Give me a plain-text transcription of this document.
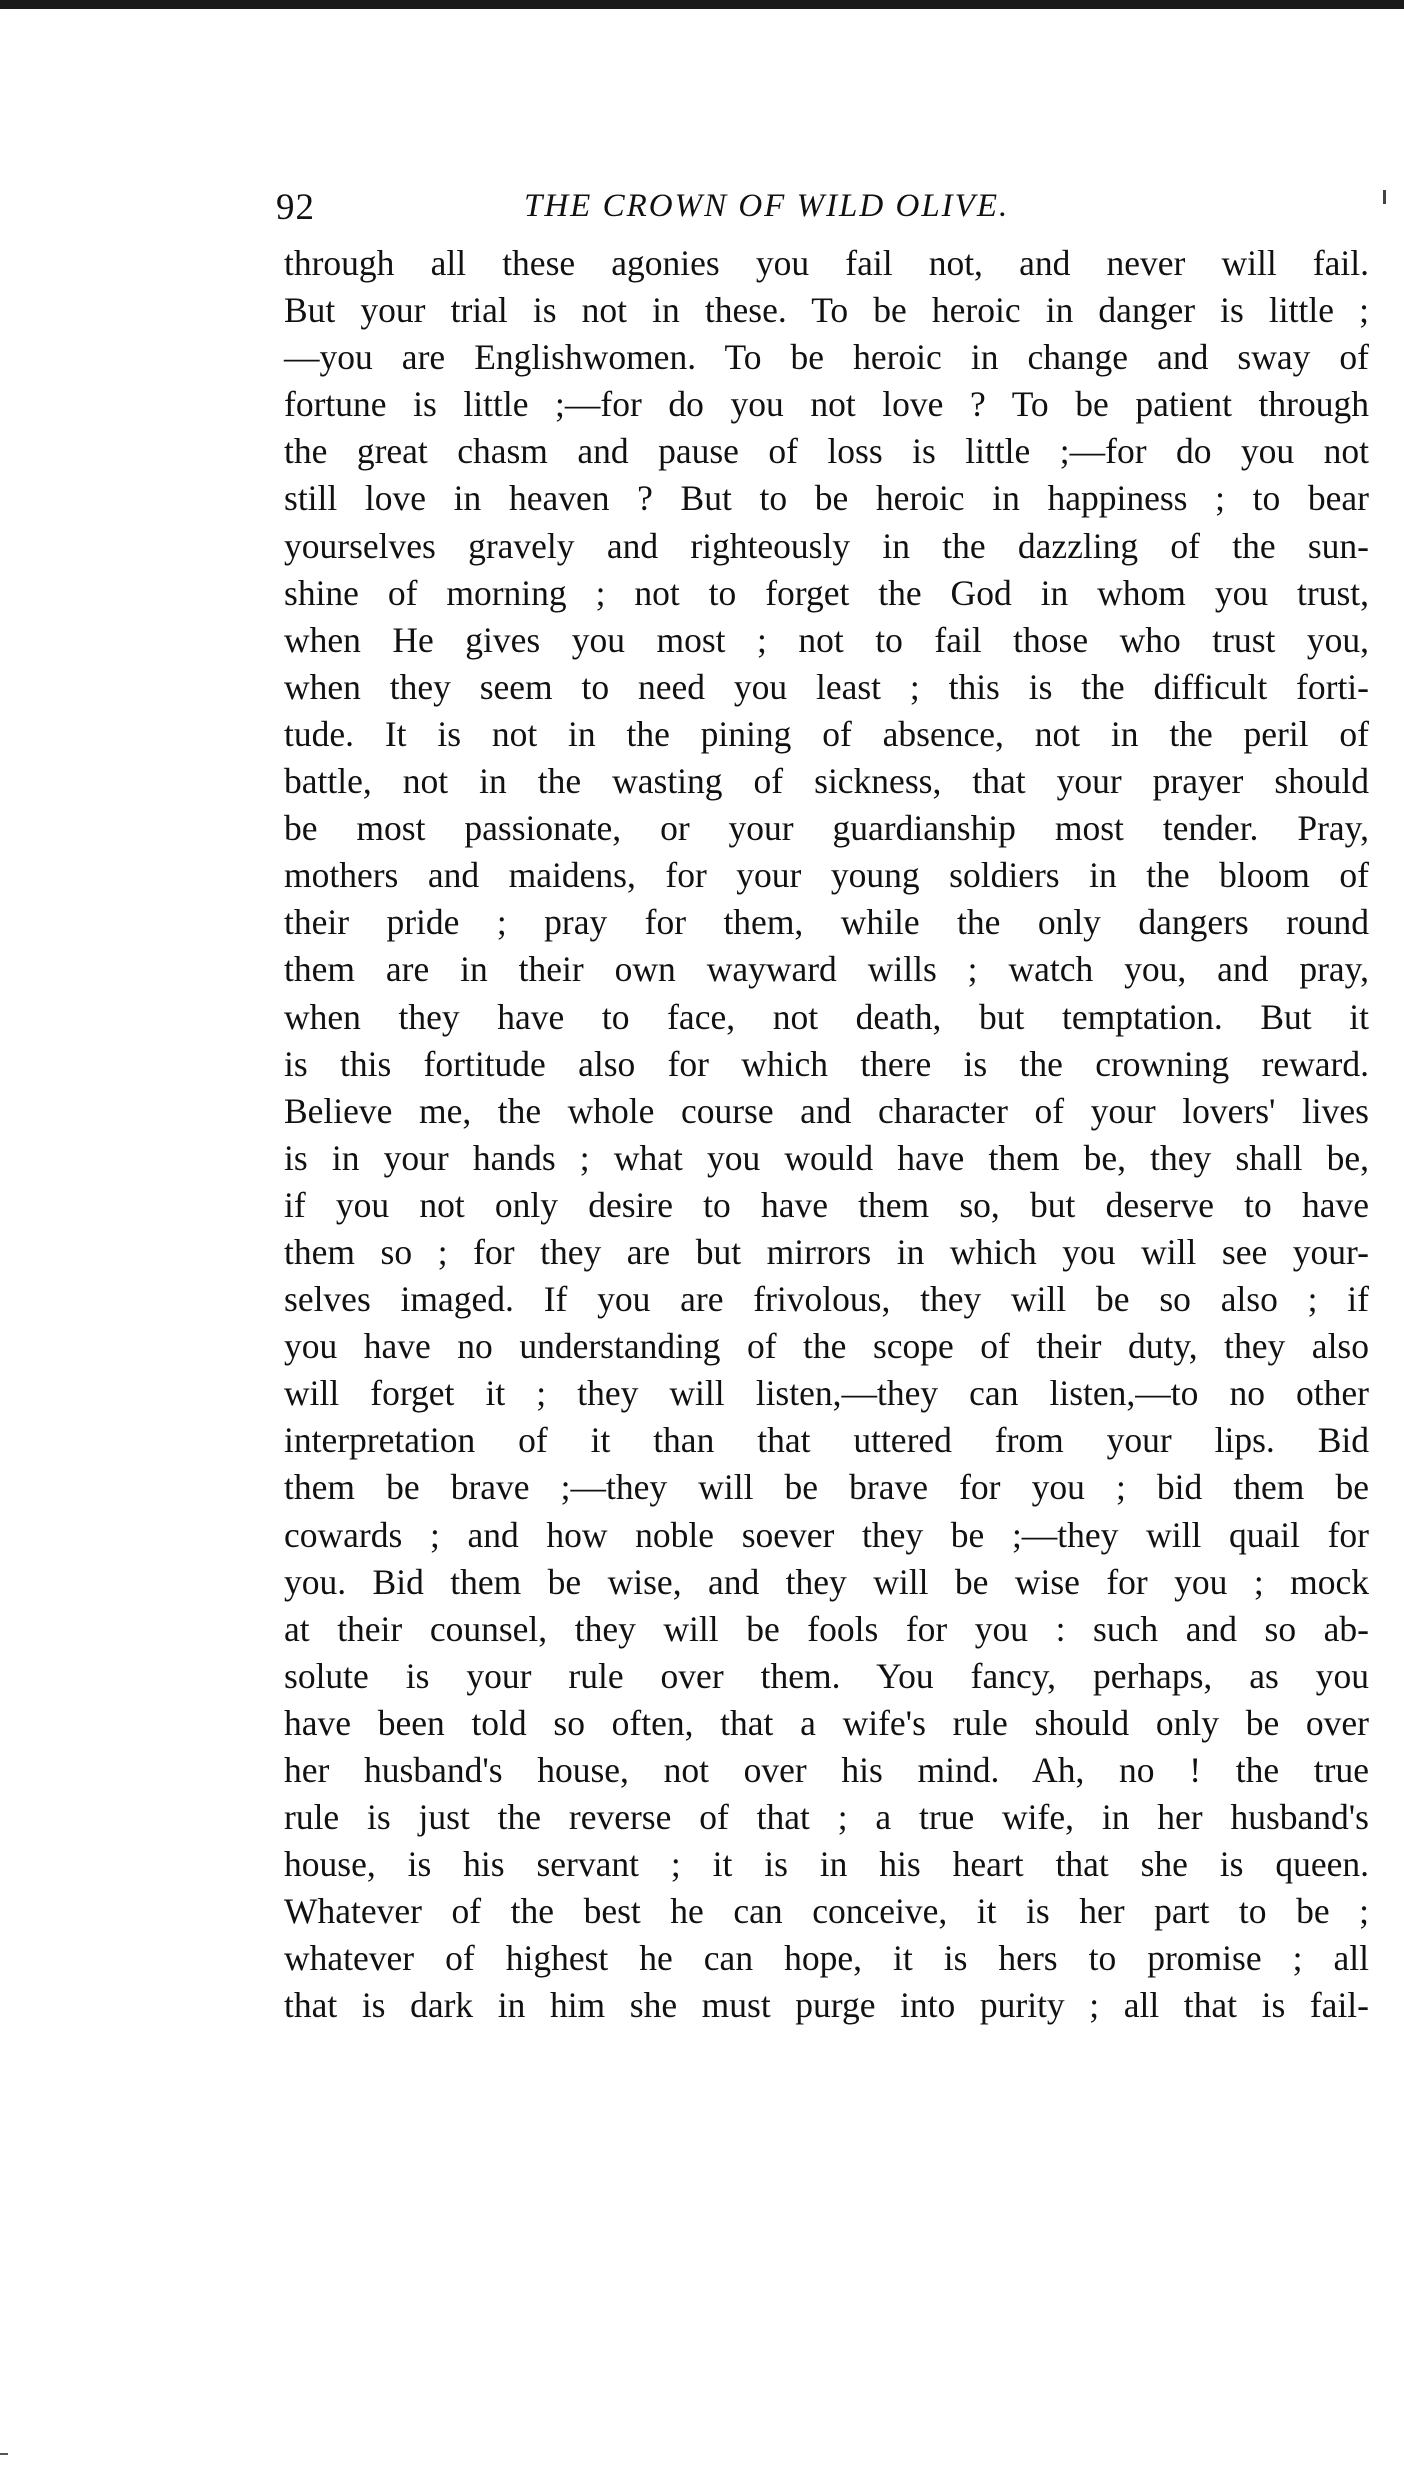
92	THE CROWN OF WILD OLIVE.
through all these agonies you fail not, and never will fail.
But your trial is not in these. To be heroic in danger is little ;
—you are Englishwomen. To be heroic in change and sway of
fortune is little ;—for do you not love ? To be patient through
the great chasm and pause of loss is little ;—for do you not
still love in heaven ? But to be heroic in happiness ; to bear
yourselves gravely and righteously in the dazzling of the sun-
shine of morning ; not to forget the God in whom you trust,
when He gives you most ; not to fail those who trust you,
when they seem to need you least ; this is the difficult forti-
tude. It is not in the pining of absence, not in the peril of
battle, not in the wasting of sickness, that your prayer should
be most passionate, or your guardianship most tender. Pray,
mothers and maidens, for your young soldiers in the bloom of
their pride ; pray for them, while the only dangers round
them are in their own wayward wills ; watch you, and pray,
when they have to face, not death, but temptation. But it
is this fortitude also for which there is the crowning reward.
Believe me, the whole course and character of your lovers' lives
is in your hands ; what you would have them be, they shall be,
if you not only desire to have them so, but deserve to have
them so ; for they are but mirrors in which you will see your-
selves imaged. If you are frivolous, they will be so also ; if
you have no understanding of the scope of their duty, they also
will forget it ; they will listen,—they can listen,—to no other
interpretation of it than that uttered from your lips. Bid
them be brave ;—they will be brave for you ; bid them be
cowards ; and how noble soever they be ;—they will quail for
you. Bid them be wise, and they will be wise for you ; mock
at their counsel, they will be fools for you : such and so ab-
solute is your rule over them. You fancy, perhaps, as you
have been told so often, that a wife's rule should only be over
her husband's house, not over his mind. Ah, no ! the true
rule is just the reverse of that ; a true wife, in her husband's
house, is his servant ; it is in his heart that she is queen.
Whatever of the best he can conceive, it is her part to be ;
whatever of highest he can hope, it is hers to promise ; all
that is dark in him she must purge into purity ; all that is fail-
